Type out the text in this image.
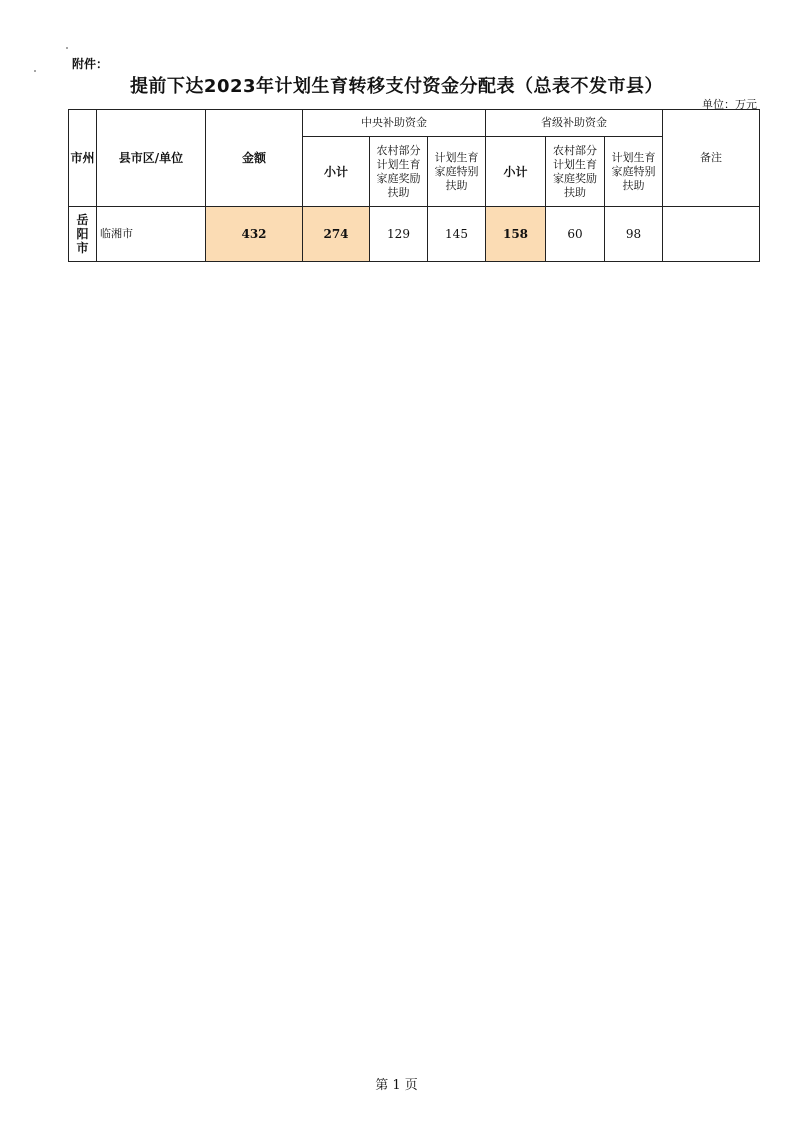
附件：
提前下达2023年计划生育转移支付资金分配表（总表不发市县）
单位：万元
市州	县市区/单位	金额	中央补助资金			省级补助资金			备注
			小计	农村部分计划生育家庭奖励扶助	计划生育家庭特别扶助	小计	农村部分计划生育家庭奖励扶助	计划生育家庭特别扶助	

岳阳市	临湘市	432	274	129	145	158	60	98	
第 1 页
